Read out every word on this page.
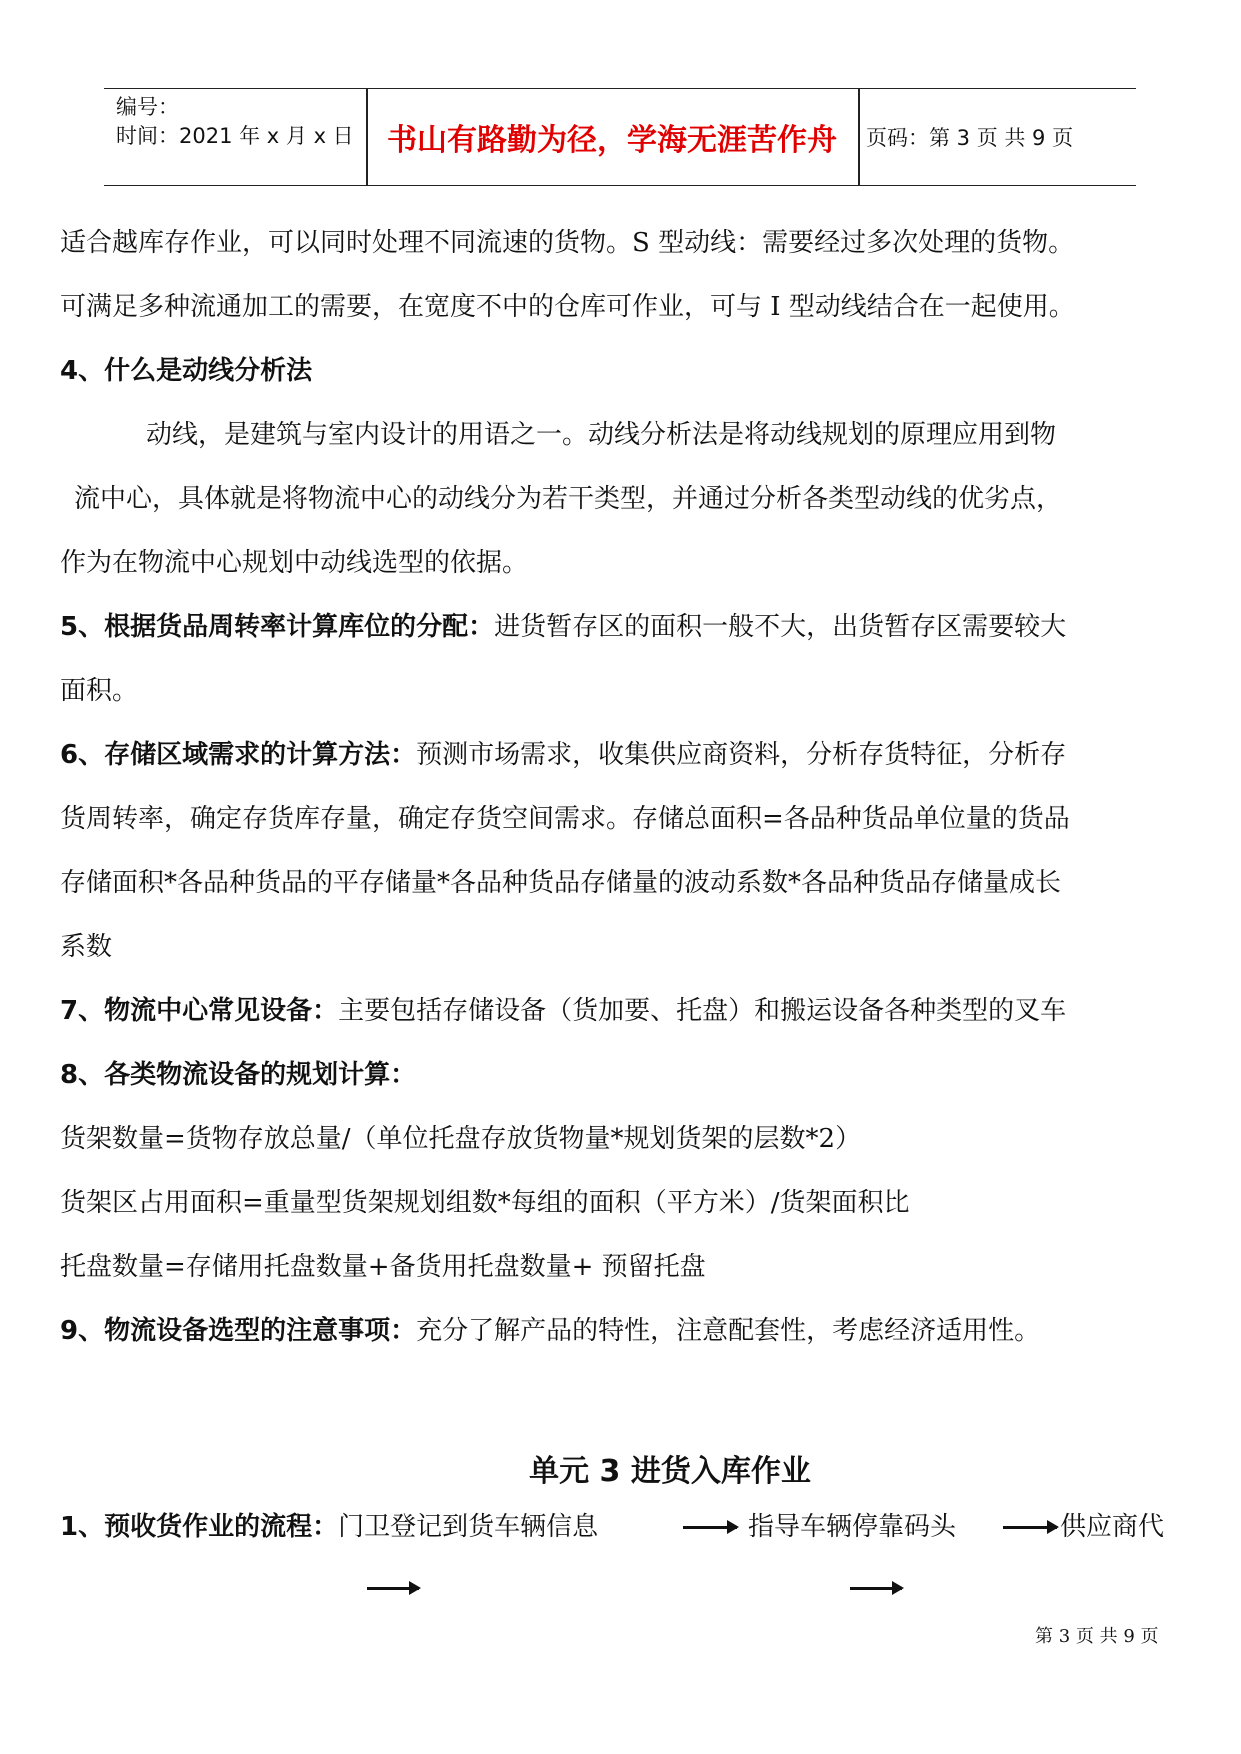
编号：
时间：2021 年 x 月 x 日	书山有路勤为径，学海无涯苦作舟	页码：第 3 页 共 9 页
适合越库存作业，可以同时处理不同流速的货物。S 型动线：需要经过多次处理的货物。
可满足多种流通加工的需要，在宽度不中的仓库可作业，可与 I 型动线结合在一起使用。
4、什么是动线分析法
动线，是建筑与室内设计的用语之一。动线分析法是将动线规划的原理应用到物
流中心，具体就是将物流中心的动线分为若干类型，并通过分析各类型动线的优劣点，
作为在物流中心规划中动线选型的依据。
5、根据货品周转率计算库位的分配：进货暂存区的面积一般不大，出货暂存区需要较大
面积。
6、存储区域需求的计算方法：预测市场需求，收集供应商资料，分析存货特征，分析存
货周转率，确定存货库存量，确定存货空间需求。存储总面积=各品种货品单位量的货品
存储面积*各品种货品的平存储量*各品种货品存储量的波动系数*各品种货品存储量成长
系数
7、物流中心常见设备：主要包括存储设备（货加要、托盘）和搬运设备各种类型的叉车
8、各类物流设备的规划计算：
货架数量=货物存放总量/（单位托盘存放货物量*规划货架的层数*2）
货架区占用面积=重量型货架规划组数*每组的面积（平方米）/货架面积比
托盘数量=存储用托盘数量+备货用托盘数量+ 预留托盘
9、物流设备选型的注意事项：充分了解产品的特性，注意配套性，考虑经济适用性。
单元 3 进货入库作业
1、预收货作业的流程：门卫登记到货车辆信息	指导车辆停靠码头	供应商代
第 3 页 共 9 页
